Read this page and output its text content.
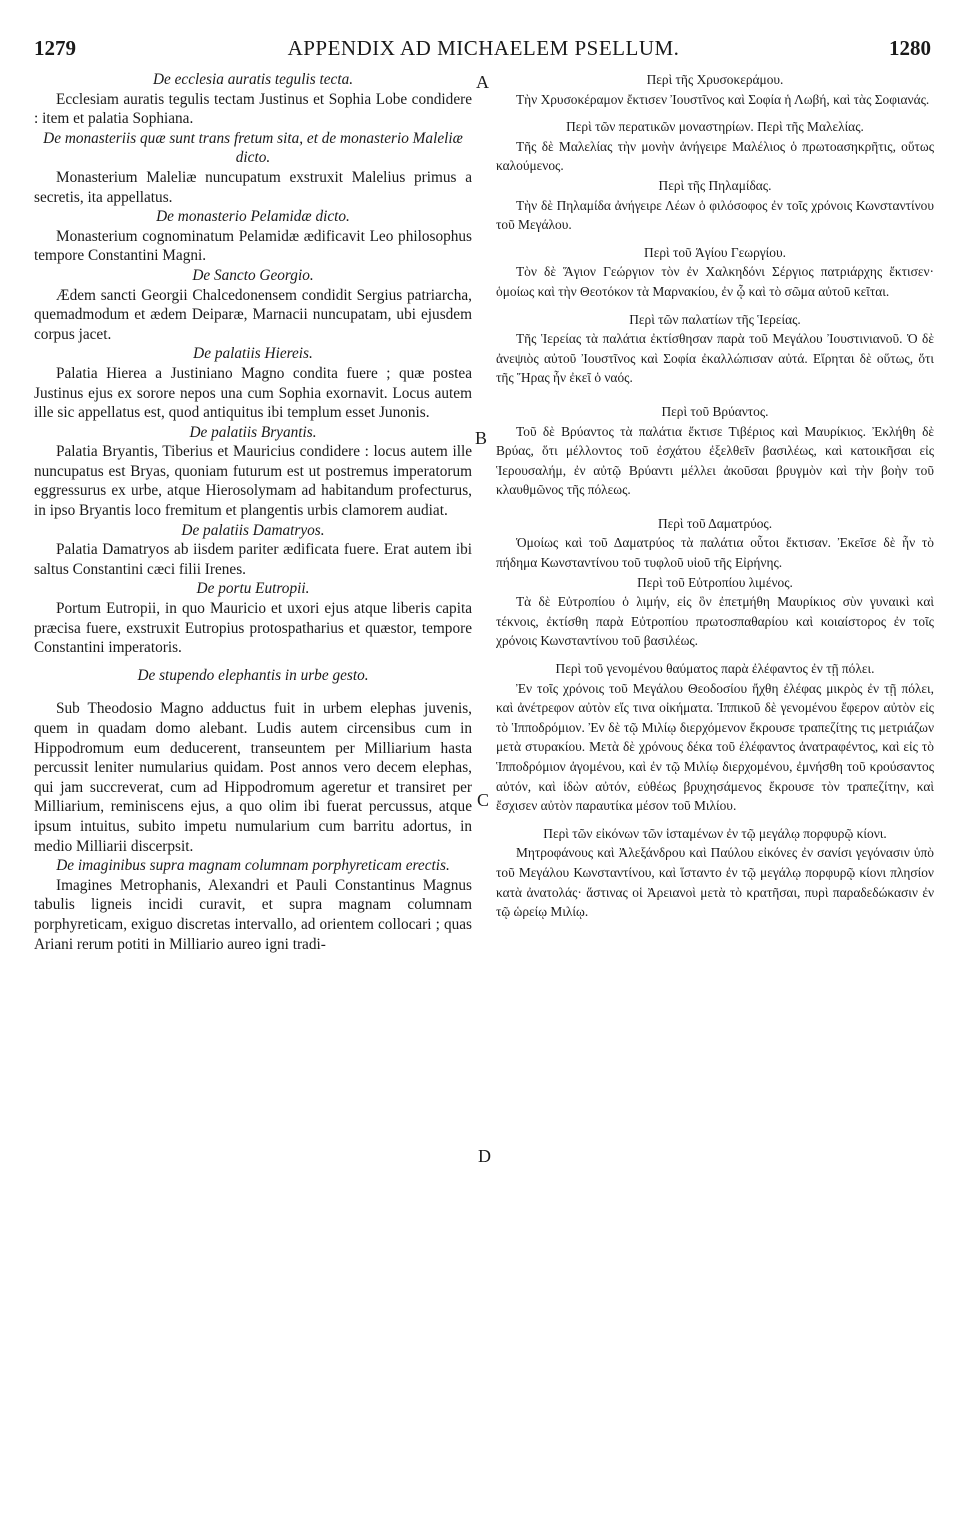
1279	APPENDIX AD MICHAELEM PSELLUM.	1280
A
B
C
D

De ecclesia auratis tegulis tecta.

Ecclesiam auratis tegulis tectam Justinus et Sophia Lobe condidere : item et palatia Sophiana.

De monasteriis quæ sunt trans fretum sita, et de monasterio Maleliæ dicto.

Monasterium Maleliæ nuncupatum exstruxit Malelius primus a secretis, ita appellatus.

De monasterio Pelamidæ dicto.

Monasterium cognominatum Pelamidæ ædificavit Leo philosophus tempore Constantini Magni.

De Sancto Georgio.

Ædem sancti Georgii Chalcedonensem condidit Sergius patriarcha, quemadmodum et ædem Deiparæ, Marnacii nuncupatam, ubi ejusdem corpus jacet.

De palatiis Hiereis.

Palatia Hierea a Justiniano Magno condita fuere ; quæ postea Justinus ejus ex sorore nepos una cum Sophia exornavit. Locus autem ille sic appellatus est, quod antiquitus ibi templum esset Junonis.

De palatiis Bryantis.

Palatia Bryantis, Tiberius et Mauricius condidere : locus autem ille nuncupatus est Bryas, quoniam futurum est ut postremus imperatorum eggressurus ex urbe, atque Hierosolymam ad habitandum profecturus, in ipso Bryantis loco fremitum et plangentis urbis clamorem audiat.

De palatiis Damatryos.

Palatia Damatryos ab iisdem pariter ædificata fuere. Erat autem ibi saltus Constantini cæci filii Irenes.

De portu Eutropii.

Portum Eutropii, in quo Mauricio et uxori ejus atque liberis capita præcisa fuere, exstruxit Eutropius protospatharius et quæstor, tempore Constantini imperatoris.

De stupendo elephantis in urbe gesto.

Sub Theodosio Magno adductus fuit in urbem elephas juvenis, quem in quadam domo alebant. Ludis autem circensibus cum in Hippodromum eum deducerent, transeuntem per Milliarium hasta percussit leniter numularius quidam. Post annos vero decem elephas, qui jam succreverat, cum ad Hippodromum ageretur et transiret per Milliarium, reminiscens ejus, a quo olim ibi fuerat percussus, atque ipsum intuitus, subito impetu numularium cum barritu adortus, in medio Milliarii discerpsit.

De imaginibus supra magnam columnam porphyreticam erectis.

Imagines Metrophanis, Alexandri et Pauli Constantinus Magnus tabulis ligneis incidi curavit, et supra magnam columnam porphyreticam, exiguo discretas intervallo, ad orientem collocari ; quas Ariani rerum potiti in Milliario aureo igni tradi-

Περὶ τῆς Χρυσοκεράμου.

Τὴν Χρυσοκέραμον ἔκτισεν Ἰουστῖνος καὶ Σοφία ἡ Λωβή, καὶ τὰς Σοφιανάς.

Περὶ τῶν περατικῶν μοναστηρίων. Περὶ τῆς Μαλελίας.

Τῆς δὲ Μαλελίας τὴν μονὴν ἀνήγειρε Μαλέλιος ὁ πρωτοασηκρῆτις, οὕτως καλούμενος.

Περὶ τῆς Πηλαμίδας.

Τὴν δὲ Πηλαμίδα ἀνήγειρε Λέων ὁ φιλόσοφος ἐν τοῖς χρόνοις Κωνσταντίνου τοῦ Μεγάλου.

Περὶ τοῦ Ἁγίου Γεωργίου.

Τὸν δὲ Ἅγιον Γεώργιον τὸν ἐν Χαλκηδόνι Σέργιος πατριάρχης ἔκτισεν· ὁμοίως καὶ τὴν Θεοτόκον τὰ Μαρνακίου, ἐν ᾧ καὶ τὸ σῶμα αὐτοῦ κεῖται.

Περὶ τῶν παλατίων τῆς Ἱερείας.

Τῆς Ἱερείας τὰ παλάτια ἐκτίσθησαν παρὰ τοῦ Μεγάλου Ἰουστινιανοῦ. Ὁ δὲ ἀνεψιὸς αὐτοῦ Ἰουστῖνος καὶ Σοφία ἐκαλλώπισαν αὐτά. Εἴρηται δὲ οὕτως, ὅτι τῆς Ἥρας ἦν ἐκεῖ ὁ ναός.

Περὶ τοῦ Βρύαντος.

Τοῦ δὲ Βρύαντος τὰ παλάτια ἔκτισε Τιβέριος καὶ Μαυρίκιος. Ἐκλήθη δὲ Βρύας, ὅτι μέλλοντος τοῦ ἐσχάτου ἐξελθεῖν βασιλέως, καὶ κατοικῆσαι εἰς Ἱερουσαλήμ, ἐν αὐτῷ Βρύαντι μέλλει ἀκοῦσαι βρυγμὸν καὶ τὴν βοὴν τοῦ κλαυθμῶνος τῆς πόλεως.

Περὶ τοῦ Δαματρύος.

Ὁμοίως καὶ τοῦ Δαματρύος τὰ παλάτια οὗτοι ἔκτισαν. Ἐκεῖσε δὲ ἦν τὸ πήδημα Κωνσταντίνου τοῦ τυφλοῦ υἱοῦ τῆς Εἰρήνης.

Περὶ τοῦ Εὐτροπίου λιμένος.

Τὰ δὲ Εὐτροπίου ὁ λιμήν, εἰς ὃν ἐπετμήθη Μαυρίκιος σὺν γυναικὶ καὶ τέκνοις, ἐκτίσθη παρὰ Εὐτροπίου πρωτοσπαθαρίου καὶ κοιαίστορος ἐν τοῖς χρόνοις Κωνσταντίνου τοῦ βασιλέως.

Περὶ τοῦ γενομένου θαύματος παρὰ ἐλέφαντος ἐν τῇ πόλει.

Ἐν τοῖς χρόνοις τοῦ Μεγάλου Θεοδοσίου ἤχθη ἐλέφας μικρὸς ἐν τῇ πόλει, καὶ ἀνέτρεφον αὐτὸν εἴς τινα οἰκήματα. Ἱππικοῦ δὲ γενομένου ἔφερον αὐτὸν εἰς τὸ Ἱπποδρόμιον. Ἐν δὲ τῷ Μιλίῳ διερχόμενον ἔκρουσε τραπεζίτης τις μετριάζων μετὰ στυρακίου. Μετὰ δὲ χρόνους δέκα τοῦ ἐλέφαντος ἀνατραφέντος, καὶ εἰς τὸ Ἱπποδρόμιον ἀγομένου, καὶ ἐν τῷ Μιλίῳ διερχομένου, ἐμνήσθη τοῦ κρούσαντος αὐτόν, καὶ ἰδὼν αὐτόν, εὐθέως βρυχησάμενος ἔκρουσε τὸν τραπεζίτην, καὶ ἔσχισεν αὐτὸν παραυτίκα μέσον τοῦ Μιλίου.

Περὶ τῶν εἰκόνων τῶν ἱσταμένων ἐν τῷ μεγάλῳ πορφυρῷ κίονι.

Μητροφάνους καὶ Ἀλεξάνδρου καὶ Παύλου εἰκόνες ἐν σανίσι γεγόνασιν ὑπὸ τοῦ Μεγάλου Κωνσταντίνου, καὶ ἵσταντο ἐν τῷ μεγάλῳ πορφυρῷ κίονι πλησίον κατὰ ἀνατολάς· ἅστινας οἱ Ἀρειανοὶ μετὰ τὸ κρατῆσαι, πυρὶ παραδεδώκασιν ἐν τῷ ὡρείῳ Μιλίῳ.
